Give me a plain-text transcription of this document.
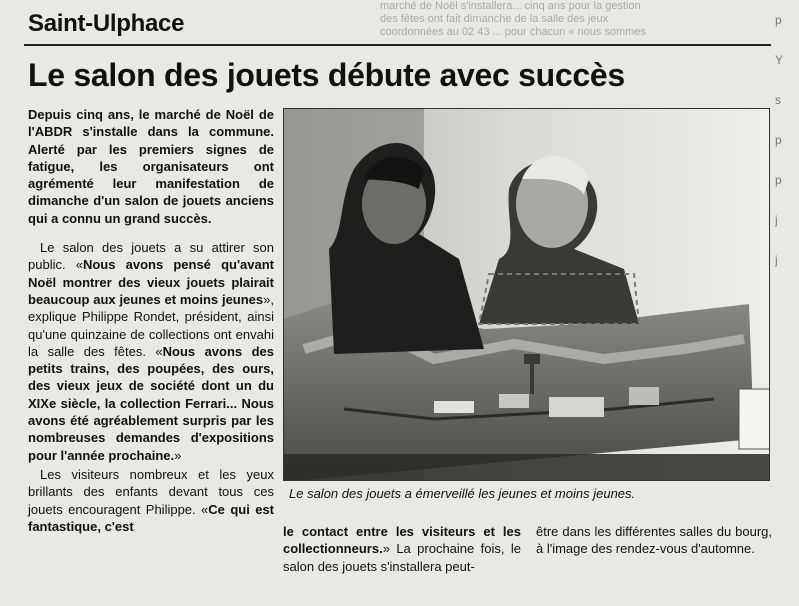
marché de Noël s'installera... cinq ans pour la gestion
des fêtes ont fait dimanche de la salle des jeux
coordonnées au 02 43 ... pour chacun « nous sommes
p
Y
s
p
p
j
j
Saint-Ulphace
Le salon des jouets débute avec succès

Depuis cinq ans, le marché de Noël de l'ABDR s'installe dans la commune. Alerté par les premiers signes de fatigue, les organisateurs ont agrémenté leur manifestation de dimanche d'un salon de jouets anciens qui a connu un grand succès.

Le salon des jouets a su attirer son public. «Nous avons pensé qu'avant Noël montrer des vieux jouets plairait beaucoup aux jeunes et moins jeunes», explique Philippe Rondet, président, ainsi qu'une quinzaine de collections ont envahi la salle des fêtes. «Nous avons des petits trains, des poupées, des ours, des vieux jeux de société dont un du XIXe siècle, la collection Ferrari... Nous avons été agréablement surpris par les nombreuses demandes d'expositions pour l'année prochaine.»

Les visiteurs nombreux et les yeux brillants des enfants devant tous ces jouets encouragent Philippe. «Ce qui est fantastique, c'est

Le salon des jouets a émerveillé les jeunes et moins jeunes.

le contact entre les visiteurs et les collectionneurs.» La prochaine fois, le salon des jouets s'installera peut-

être dans les différentes salles du bourg, à l'image des rendez-vous d'automne.
